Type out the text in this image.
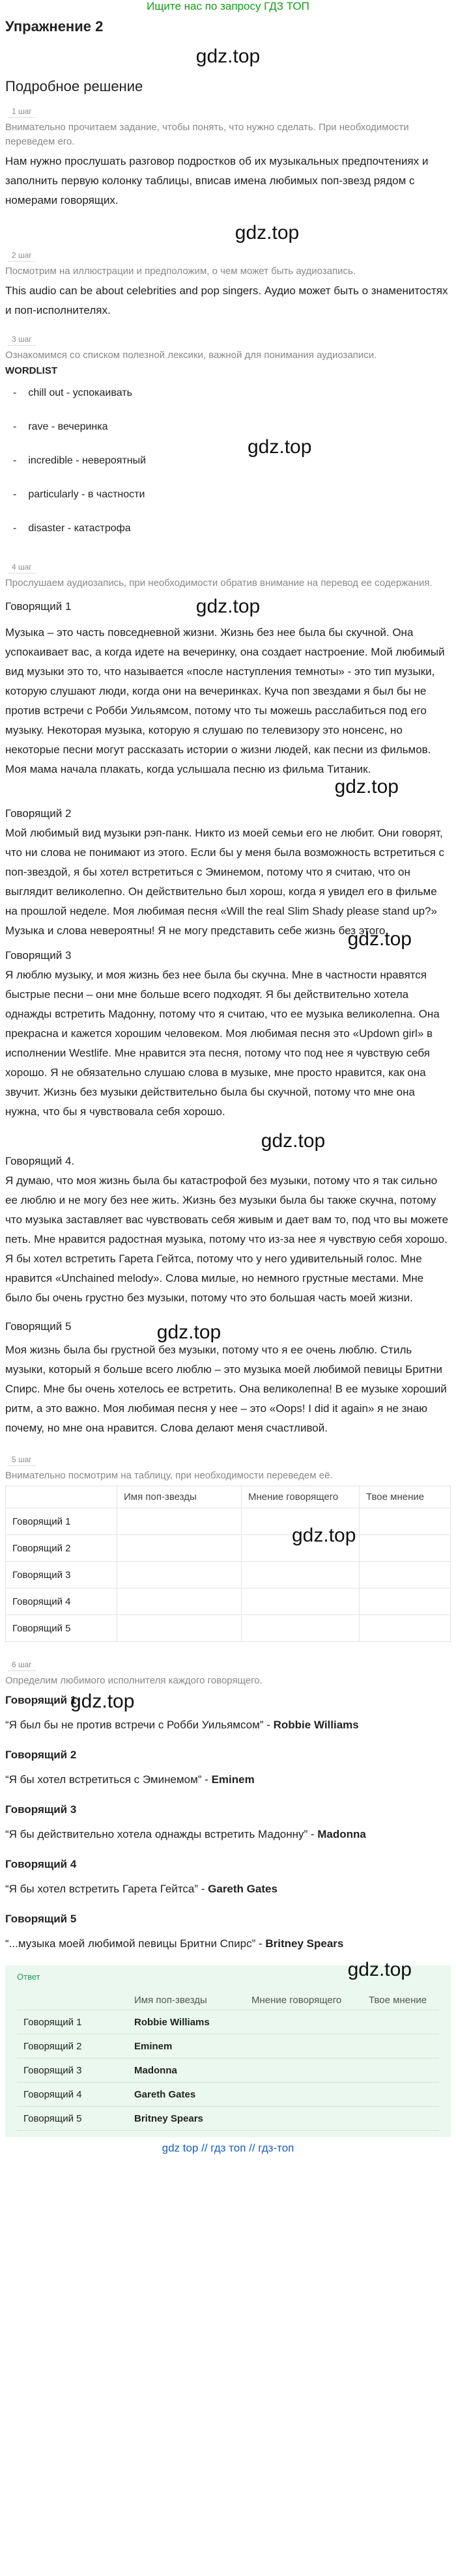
Ищите нас по запросу ГДЗ ТОП
Упражнение 2
gdz.top
Подробное решение
1 шаг

Внимательно прочитаем задание, чтобы понять, что нужно сделать. При необходимости переведем его.

Нам нужно прослушать разговор подростков об их музыкальных предпочтениях и заполнить первую колонку таблицы, вписав имена любимых поп-звезд рядом с номерами говорящих.

gdz.top
2 шаг

Посмотрим на иллюстрации и предположим, о чем может быть аудиозапись.

This audio can be about celebrities and pop singers. Аудио может быть о знаменитостях и поп-исполнителях.

3 шаг

Ознакомимся со списком полезной лексики, важной для понимания аудиозаписи.

WORDLIST
gdz.top
- chill out - успокаивать
- rave - вечеринка
- incredible - невероятный
- particularly - в частности
- disaster - катастрофа
4 шаг

Прослушаем аудиозапись, при необходимости обратив внимание на перевод ее содержания.

gdz.top
Говорящий 1

Музыка – это часть повседневной жизни. Жизнь без нее была бы скучной. Она успокаивает вас, а когда идете на вечеринку, она создает настроение. Мой любимый вид музыки это то, что называется «после наступления темноты» - это тип музыки, которую слушают люди, когда они на вечеринках. Куча поп звездами я был бы не против встречи с Робби Уильямсом, потому что ты можешь расслабиться под его музыку. Некоторая музыка, которую я слушаю по телевизору это нонсенс, но некоторые песни могут рассказать истории о жизни людей, как песни из фильмов. Моя мама начала плакать, когда услышала песню из фильма Титаник.

gdz.top
Говорящий 2

Мой любимый вид музыки рэп-панк. Никто из моей семьи его не любит. Они говорят, что ни слова не понимают из этого. Если бы у меня была возможность встретиться с поп-звездой, я бы хотел встретиться с Эминемом, потому что я считаю, что он выглядит великолепно. Он действительно был хорош, когда я увидел его в фильме на прошлой неделе. Моя любимая песня «Will the real Slim Shady please stand up?» Музыка и слова невероятны! Я не могу представить себе жизнь без этого.

gdz.top
Говорящий 3

Я люблю музыку, и моя жизнь без нее была бы скучна. Мне в частности нравятся быстрые песни – они мне больше всего подходят. Я бы действительно хотела однажды встретить Мадонну, потому что я считаю, что ее музыка великолепна. Она прекрасна и кажется хорошим человеком. Моя любимая песня это «Updown girl» в исполнении Westlife. Мне нравится эта песня, потому что под нее я чувствую себя хорошо. Я не обязательно слушаю слова в музыке, мне просто нравится, как она звучит. Жизнь без музыки действительно была бы скучной, потому что мне она нужна, что бы я чувствовала себя хорошо.

gdz.top
Говорящий 4.

Я думаю, что моя жизнь была бы катастрофой без музыки, потому что я так сильно ее люблю и не могу без нее жить. Жизнь без музыки была бы также скучна, потому что музыка заставляет вас чувствовать себя живым и дает вам то, под что вы можете петь. Мне нравится радостная музыка, потому что из-за нее я чувствую себя хорошо. Я бы хотел встретить Гарета Гейтса, потому что у него удивительный голос. Мне нравится «Unchained melody». Слова милые, но немного грустные местами. Мне было бы очень грустно без музыки, потому что это большая часть моей жизни.

Говорящий 5	gdz.top

Моя жизнь была бы грустной без музыки, потому что я ее очень люблю. Стиль музыки, который я больше всего люблю – это музыка моей любимой певицы Бритни Спирс. Мне бы очень хотелось ее встретить. Она великолепна! В ее музыке хороший ритм, а это важно. Моя любимая песня у нее – это «Oops! I did it again» я не знаю почему, но мне она нравится. Слова делают меня счастливой.

5 шаг

Внимательно посмотрим на таблицу, при необходимости переведем её.

gdz.top
	Имя поп-звезды	Мнение говорящего	Твое мнение
Говорящий 1			
Говорящий 2			
Говорящий 3			
Говорящий 4			
Говорящий 5			
6 шаг

Определим любимого исполнителя каждого говорящего.

gdz.top
Говорящий 1

“Я был бы не против встречи с Робби Уильямсом” - Robbie Williams

Говорящий 2

“Я бы хотел встретиться с Эминемом” - Eminem

Говорящий 3

“Я бы действительно хотела однажды встретить Мадонну” - Madonna

Говорящий 4

“Я бы хотел встретить Гарета Гейтса” - Gareth Gates

Говорящий 5

“...музыка моей любимой певицы Бритни Спирс” - Britney Spears

gdz.top
Ответ
	Имя поп-звезды	Мнение говорящего	Твое мнение
Говорящий 1	Robbie Williams		
Говорящий 2	Eminem		
Говорящий 3	Madonna		
Говорящий 4	Gareth Gates		
Говорящий 5	Britney Spears		
gdz top // гдз топ // гдз-топ
